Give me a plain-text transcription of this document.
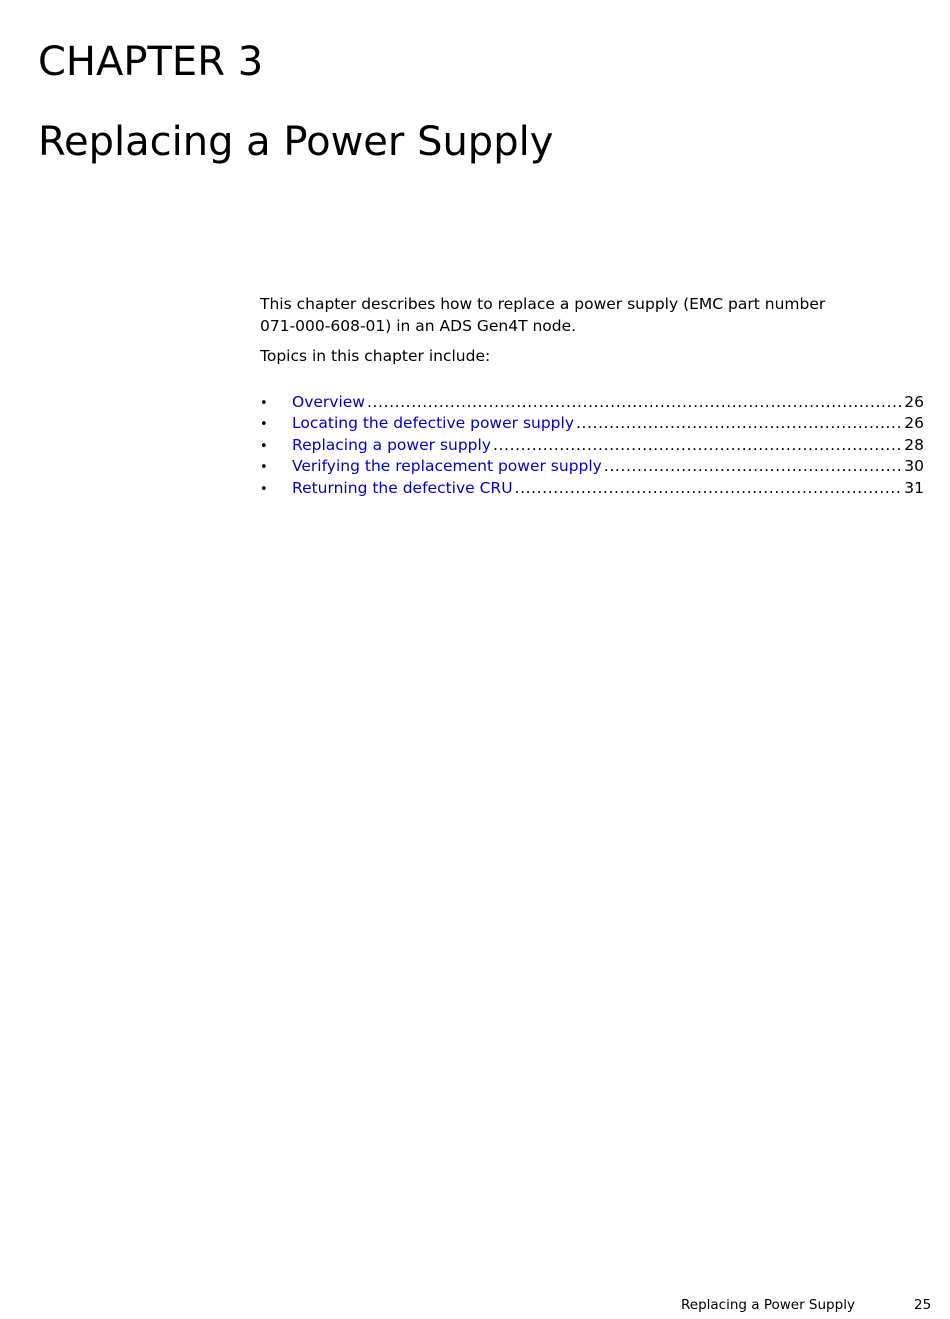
CHAPTER 3
Replacing a Power Supply

This chapter describes how to replace a power supply (EMC part number
071-000-608-01) in an ADS Gen4T node.

Topics in this chapter include:

•	Overview .....	26
•	Locating the defective power supply .....	26
•	Replacing a power supply .....	28
•	Verifying the replacement power supply .....	30
•	Returning the defective CRU .....	31
Replacing a Power Supply	25
